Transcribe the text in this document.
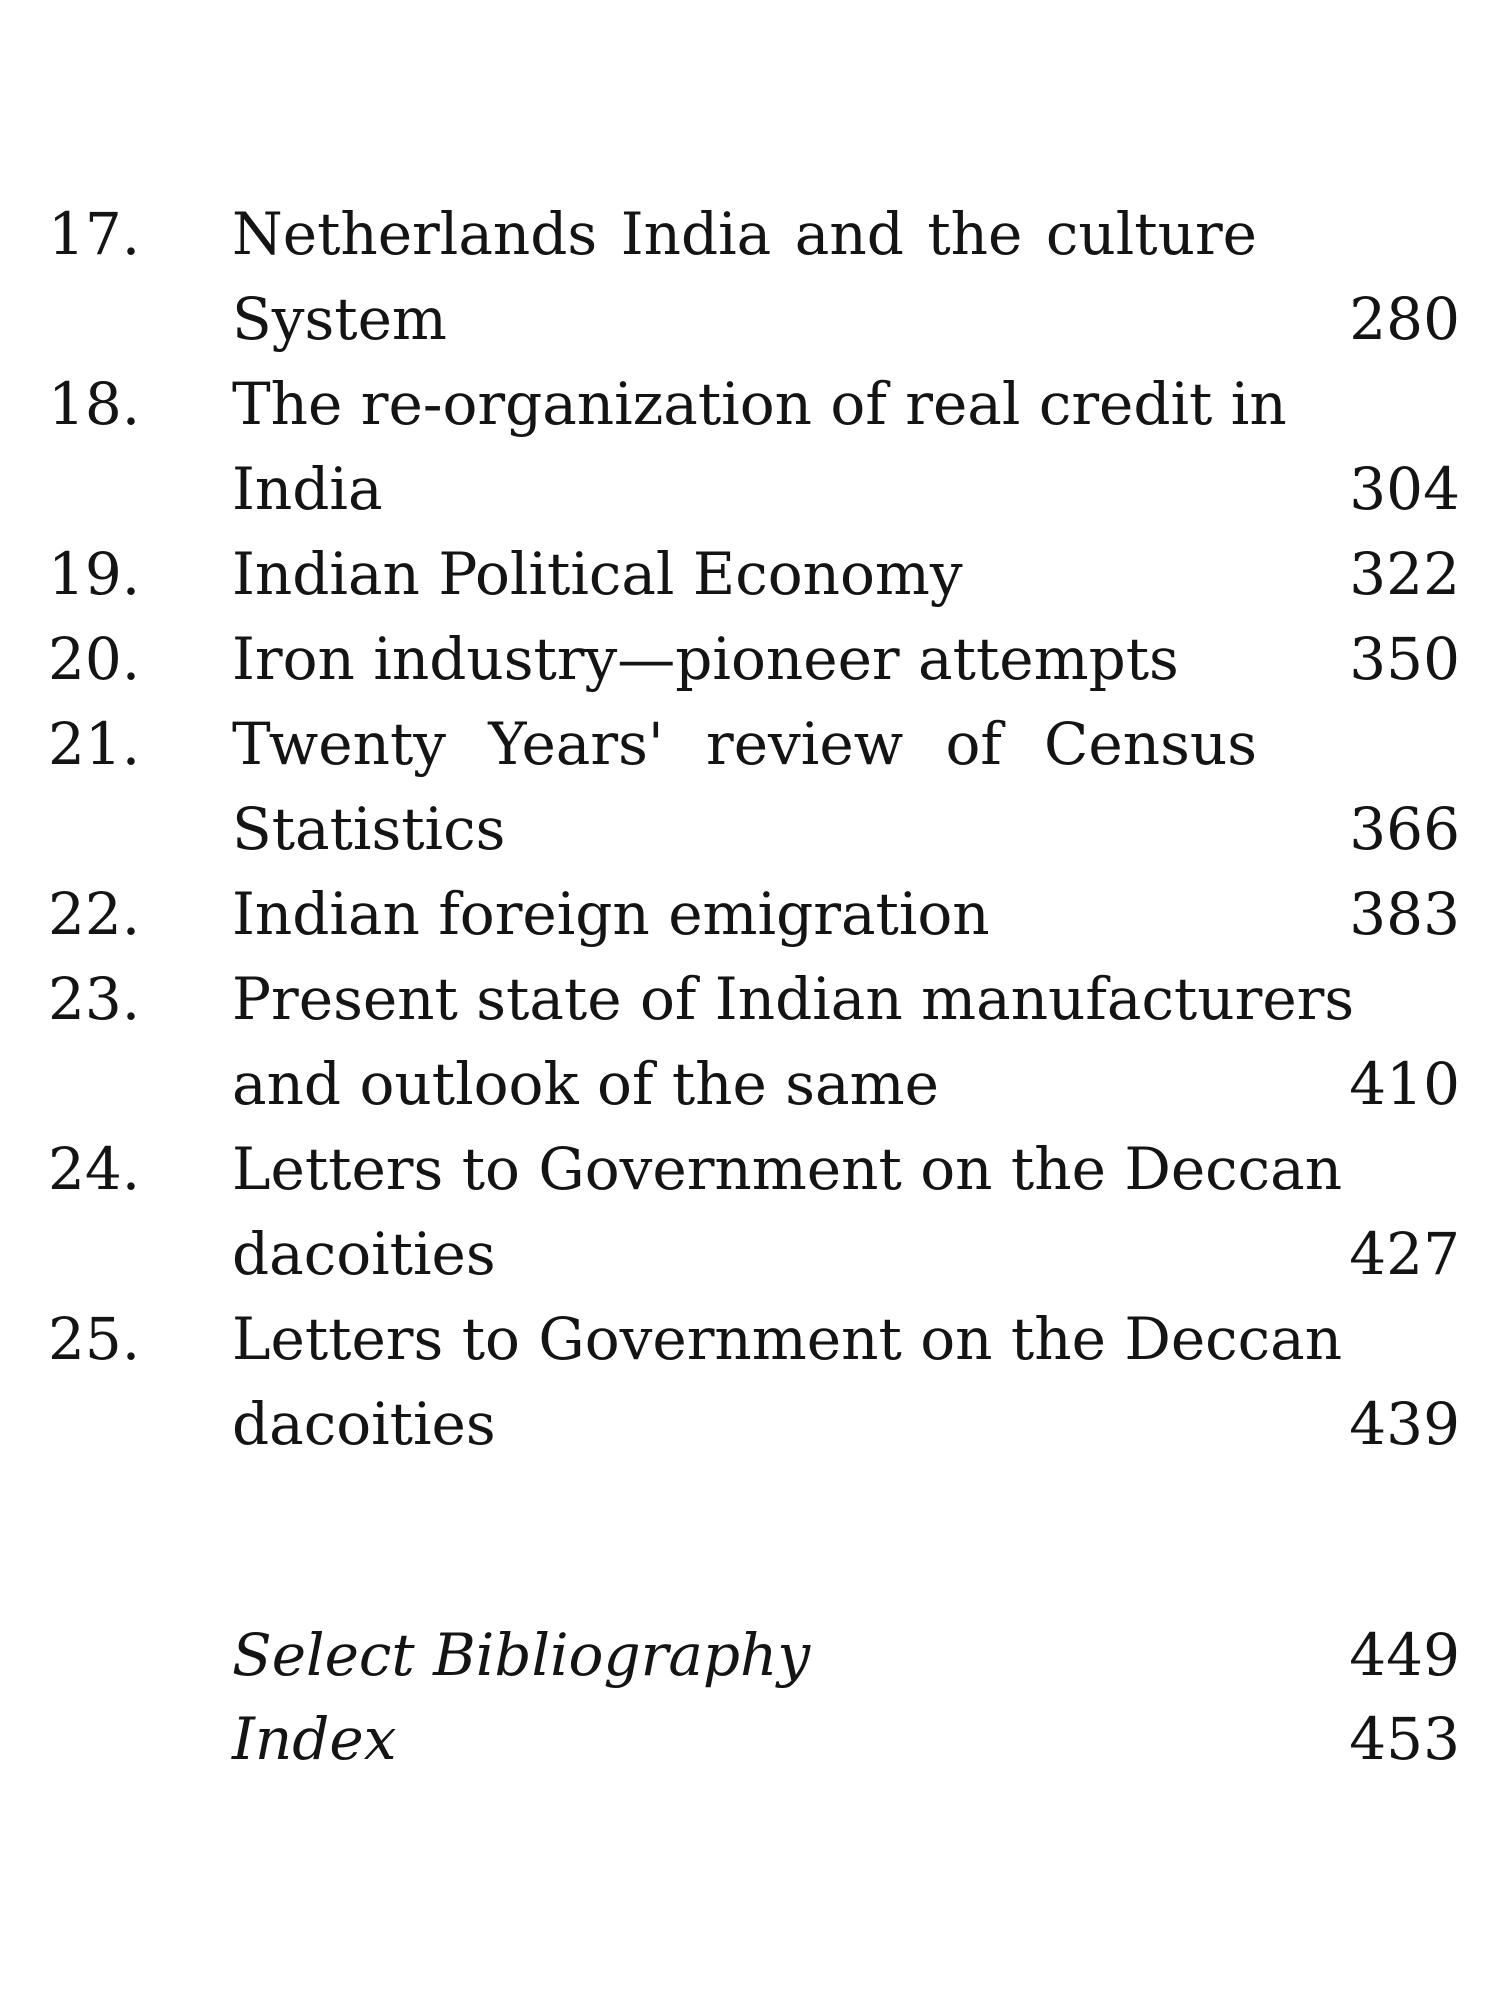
17.	Netherlands India and the culture
System	280
18.	The re-organization of real credit in
India	304
19.	Indian Political Economy	322
20.	Iron industry—pioneer attempts	350
21.	Twenty Years' review of Census
Statistics	366
22.	Indian foreign emigration	383
23.	Present state of Indian manufacturers
and outlook of the same	410
24.	Letters to Government on the Deccan
dacoities	427
25.	Letters to Government on the Deccan
dacoities	439
Select Bibliography	449
Index	453
